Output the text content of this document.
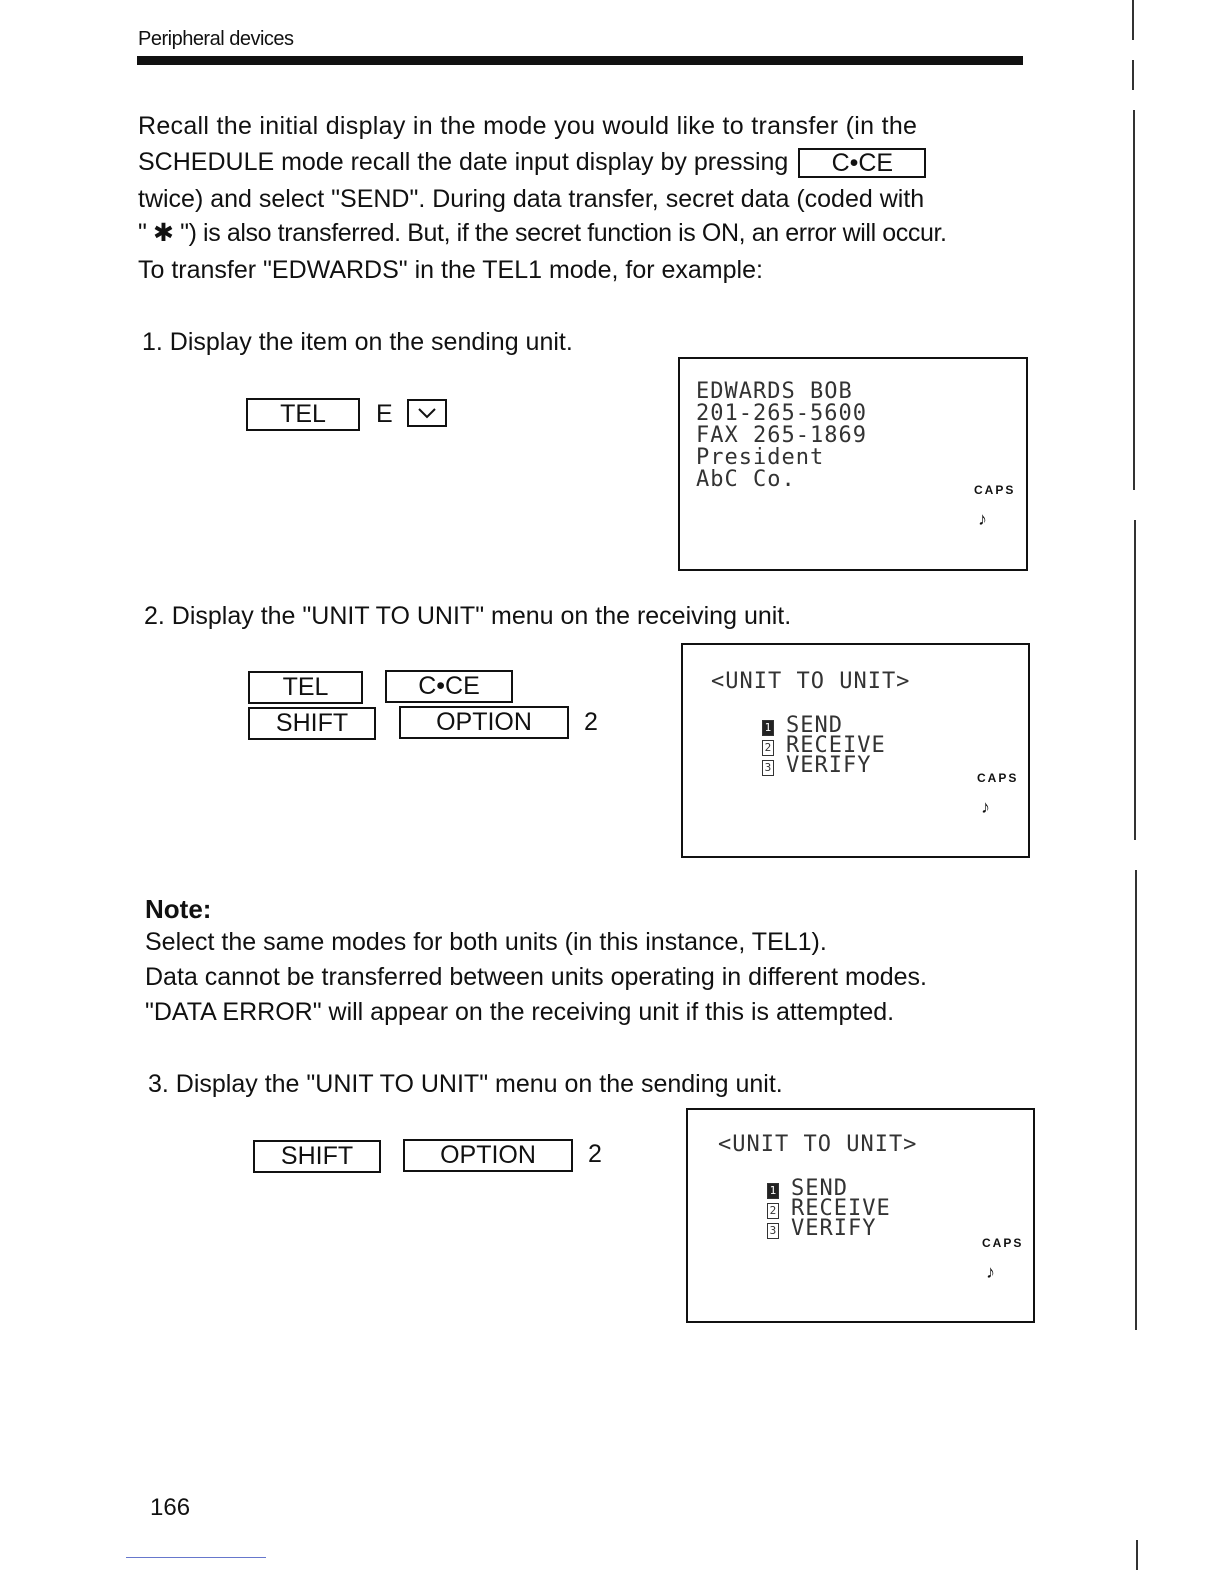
Peripheral devices
Recall the initial display in the mode you would like to transfer (in the
SCHEDULE mode recall the date input display by pressing C•CE
twice) and select "SEND". During data transfer, secret data (coded with
" ✱ ") is also transferred. But, if the secret function is ON, an error will occur.
To transfer "EDWARDS" in the TEL1 mode, for example:
1. Display the item on the sending unit.
TEL	E
EDWARDS BOB
201-265-5600
FAX 265-1869
President
AbC Co.	CAPS
♪
2. Display the "UNIT TO UNIT" menu on the receiving unit.
TEL	C•CE
SHIFT	OPTION	2
<UNIT TO UNIT>

1 SEND

2 RECEIVE

3 VERIFY
	CAPS
♪
Note:
Select the same modes for both units (in this instance, TEL1).
Data cannot be transferred between units operating in different modes.
"DATA ERROR" will appear on the receiving unit if this is attempted.
3. Display the "UNIT TO UNIT" menu on the sending unit.
SHIFT	OPTION	2	<UNIT TO UNIT>

1 SEND

2 RECEIVE

3 VERIFY

CAPS
♪
166
